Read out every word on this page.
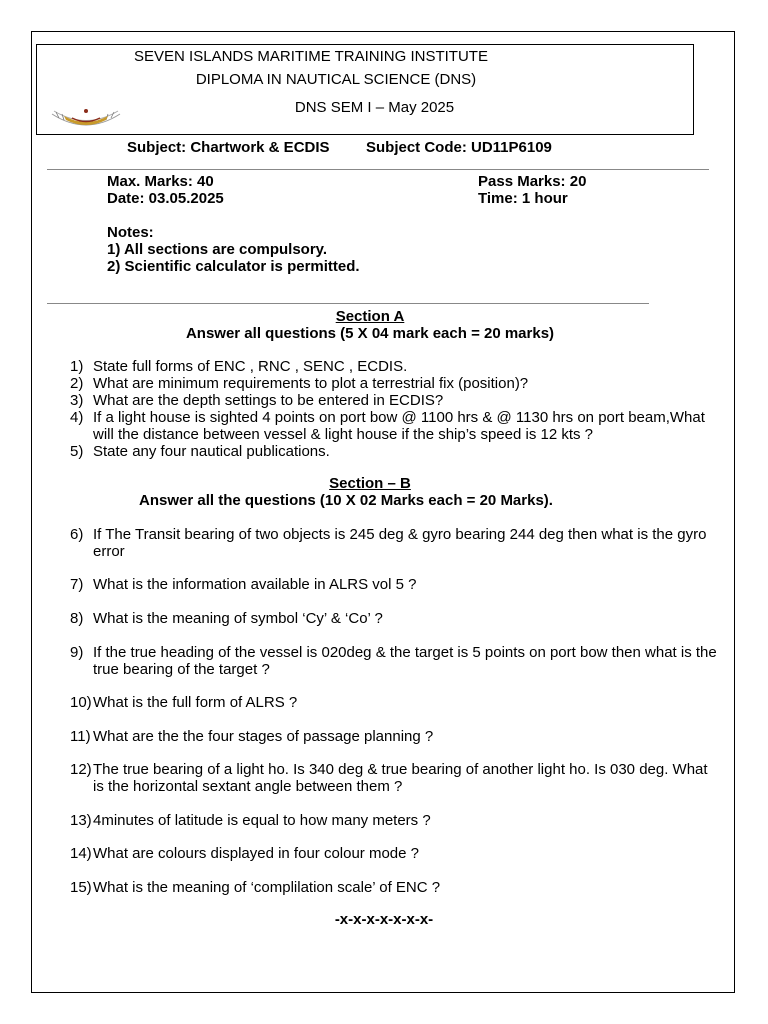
SEVEN ISLANDS MARITIME TRAINING INSTITUTE
DIPLOMA IN NAUTICAL SCIENCE (DNS)
DNS SEM I – May 2025
Subject: Chartwork & ECDIS Subject Code: UD11P6109
Max. Marks: 40
Date: 03.05.2025
Pass Marks: 20
Time: 1 hour
Notes:
1) All sections are compulsory.
2) Scientific calculator is permitted.
Section A
Answer all questions (5 X 04 mark each = 20 marks)
1) State full forms of ENC , RNC , SENC , ECDIS.
2) What are minimum requirements to plot a terrestrial fix (position)?
3) What are the depth settings to be entered in ECDIS?
4) If a light house is sighted 4 points on port bow @ 1100 hrs & @ 1130 hrs on port beam,What will the distance between vessel & light house if the ship’s speed is 12 kts ?
5) State any four nautical publications.
Section – B
Answer all the questions (10 X 02 Marks each = 20 Marks).
6) If The Transit bearing of two objects is 245 deg & gyro bearing 244 deg then what is the gyro error
7) What is the information available in ALRS vol 5 ?
8) What is the meaning of symbol ‘Cy’ & ‘Co’ ?
9) If the true heading of the vessel is 020deg & the target is 5 points on port bow then what is the true bearing of the target ?
10) What is the full form of ALRS ?
11) What are the the four stages of passage planning ?
12) The true bearing of a light ho. Is 340 deg & true bearing of another light ho. Is 030 deg. What is the horizontal sextant angle between them ?
13) 4minutes of latitude is equal to how many meters ?
14) What are colours displayed in four colour mode ?
15) What is the meaning of ‘complilation scale’ of ENC ?
-x-x-x-x-x-x-x-
